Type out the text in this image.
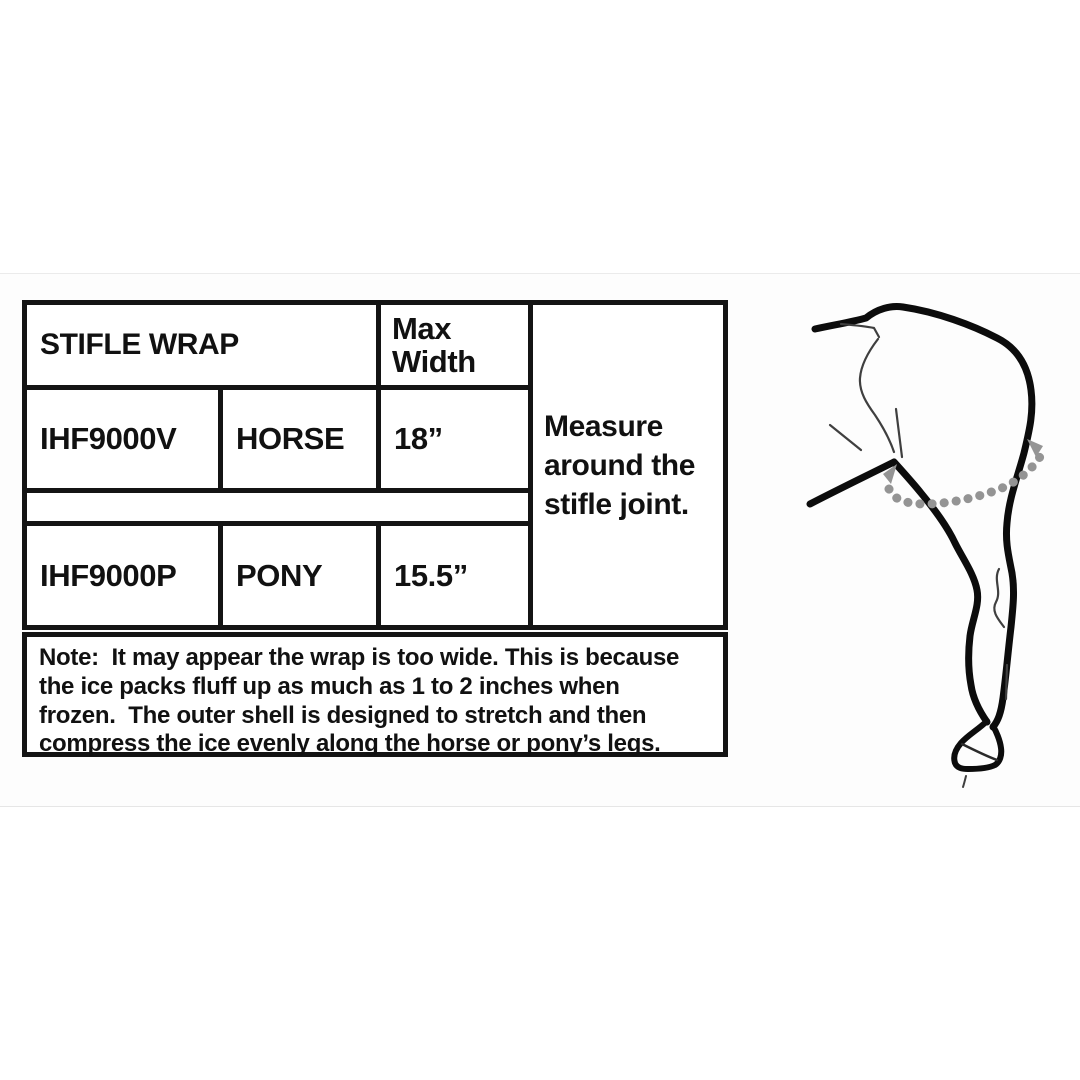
STIFLE WRAP	Max
Width
Measure
around the
stifle joint.
IHF9000V	HORSE	18”
IHF9000P	PONY	15.5”
Note:  It may appear the wrap is too wide. This is because
the ice packs fluff up as much as 1 to 2 inches when
frozen.  The outer shell is designed to stretch and then
compress the ice evenly along the horse or pony’s legs.
